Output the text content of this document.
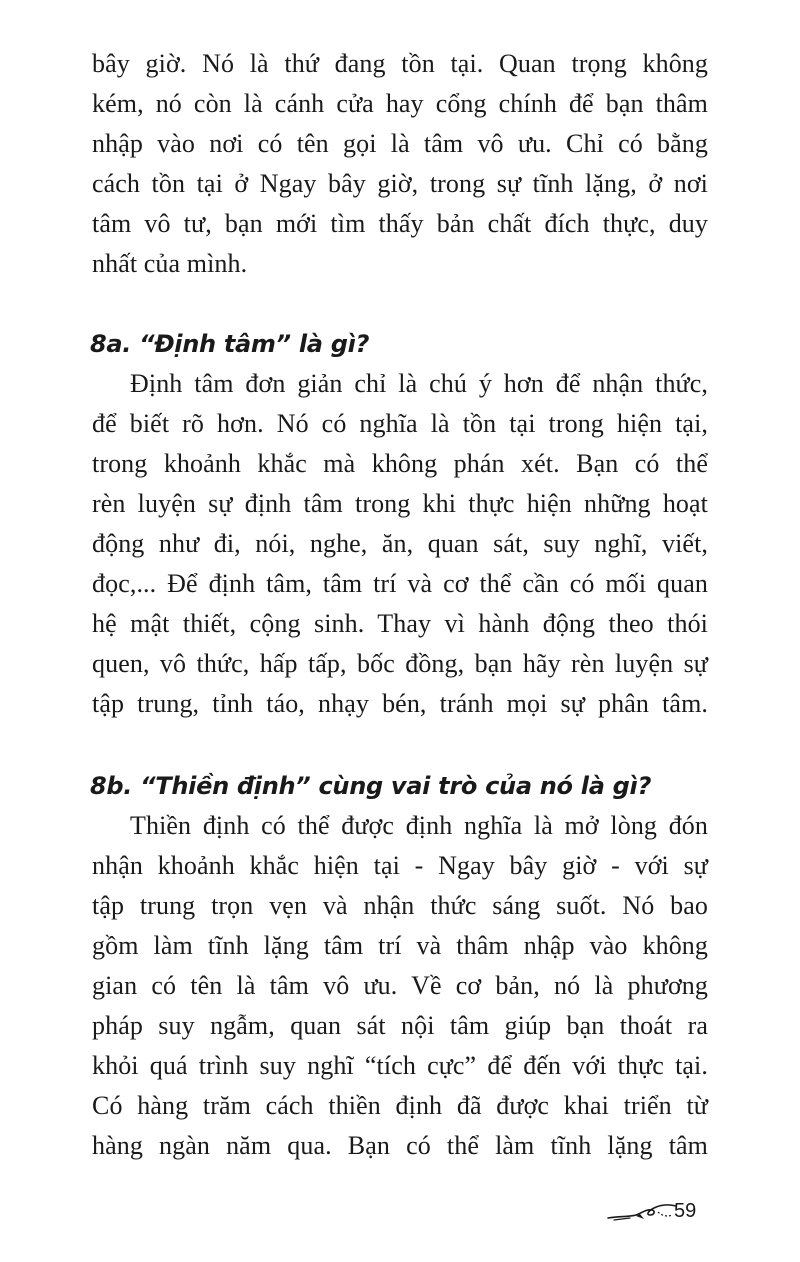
bây giờ. Nó là thứ đang tồn tại. Quan trọng không
kém, nó còn là cánh cửa hay cổng chính để bạn thâm
nhập vào nơi có tên gọi là tâm vô ưu. Chỉ có bằng
cách tồn tại ở Ngay bây giờ, trong sự tĩnh lặng, ở nơi
tâm vô tư, bạn mới tìm thấy bản chất đích thực, duy
nhất của mình.
8a. “Định tâm” là gì?
Định tâm đơn giản chỉ là chú ý hơn để nhận thức,
để biết rõ hơn. Nó có nghĩa là tồn tại trong hiện tại,
trong khoảnh khắc mà không phán xét. Bạn có thể
rèn luyện sự định tâm trong khi thực hiện những hoạt
động như đi, nói, nghe, ăn, quan sát, suy nghĩ, viết,
đọc,... Để định tâm, tâm trí và cơ thể cần có mối quan
hệ mật thiết, cộng sinh. Thay vì hành động theo thói
quen, vô thức, hấp tấp, bốc đồng, bạn hãy rèn luyện sự
tập trung, tỉnh táo, nhạy bén, tránh mọi sự phân tâm.
8b. “Thiền định” cùng vai trò của nó là gì?
Thiền định có thể được định nghĩa là mở lòng đón
nhận khoảnh khắc hiện tại - Ngay bây giờ - với sự
tập trung trọn vẹn và nhận thức sáng suốt. Nó bao
gồm làm tĩnh lặng tâm trí và thâm nhập vào không
gian có tên là tâm vô ưu. Về cơ bản, nó là phương
pháp suy ngẫm, quan sát nội tâm giúp bạn thoát ra
khỏi quá trình suy nghĩ “tích cực” để đến với thực tại.
Có hàng trăm cách thiền định đã được khai triển từ
hàng ngàn năm qua. Bạn có thể làm tĩnh lặng tâm
59
